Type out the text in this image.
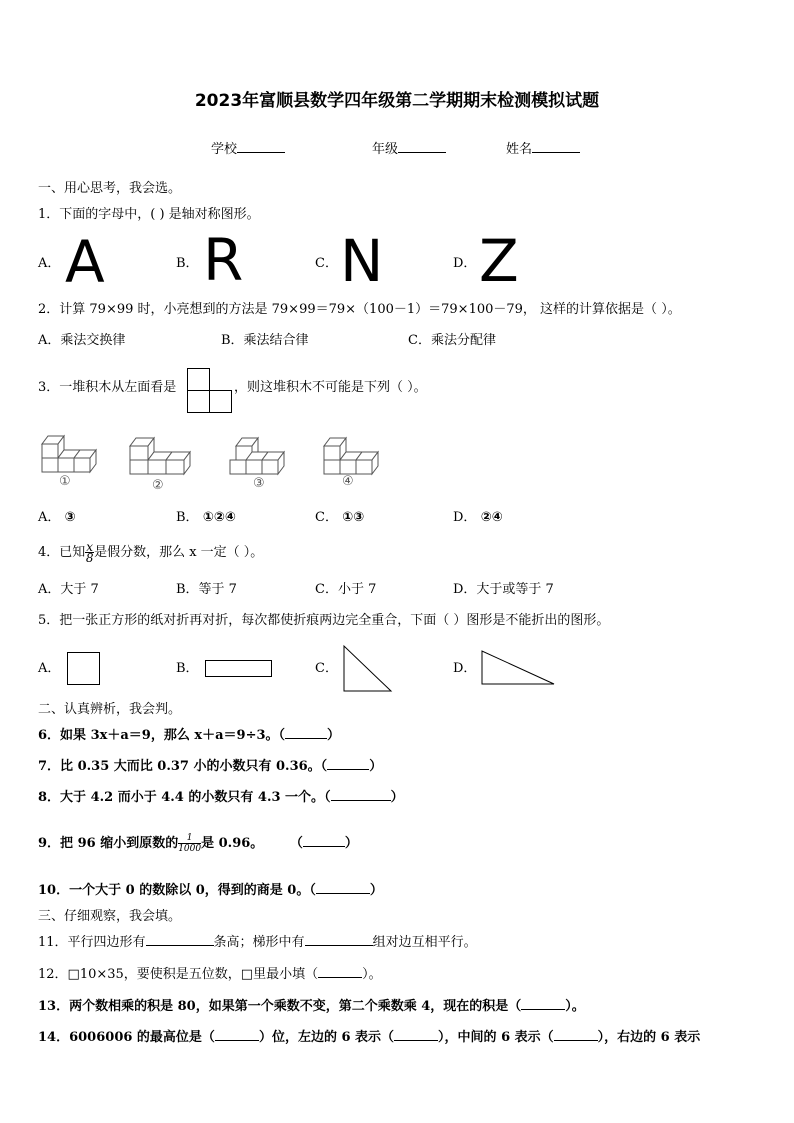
2023年富顺县数学四年级第二学期期末检测模拟试题
学校	年级	姓名
一、用心思考，我会选。
1．下面的字母中，( ) 是轴对称图形。
A． A	B． R	C． N	D． Z
2．计算 79×99 时，小亮想到的方法是 79×99＝79×（100－1）＝79×100－79， 这样的计算依据是（ ）。
A．乘法交换律	B．乘法结合律	C．乘法分配律
3．一堆积木从左面看是	，则这堆积木不可能是下列（ ）。
①	②	③	④
A． ③	B． ①②④	C． ①③	D． ②④
4．已知 $\frac{x}{8}$ 是假分数，那么 x 一定（ ）。
A．大于 7	B．等于 7	C．小于 7	D．大于或等于 7
5．把一张正方形的纸对折再对折，每次都使折痕两边完全重合，下面（ ）图形是不能折出的图形。
A．	B．	C．	D．
二、认真辨析，我会判。
6．如果 3x＋a＝9，那么 x＋a＝9÷3。（	）
7．比 0.35 大而比 0.37 小的小数只有 0.36。（	）
8．大于 4.2 而小于 4.4 的小数只有 4.3 一个。（	）
9．把 96 缩小到原数的 $\frac{1}{1000}$ 是 0.96。 （	）
10．一个大于 0 的数除以 0，得到的商是 0。（	）
三、仔细观察，我会填。
11．平行四边形有	条高；梯形中有	组对边互相平行。
12．□10×35，要使积是五位数，□里最小填（	）。
13．两个数相乘的积是 80，如果第一个乘数不变，第二个乘数乘 4，现在的积是（	）。
14．6006006 的最高位是（	）位，左边的 6 表示（	），中间的 6 表示（	），右边的 6 表示
